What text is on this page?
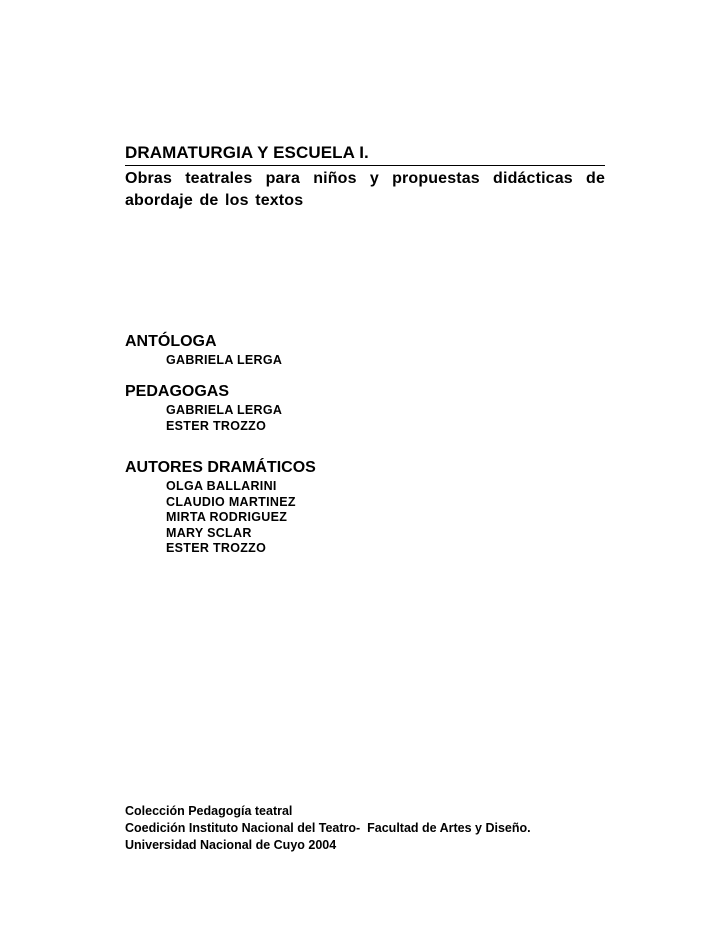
DRAMATURGIA Y ESCUELA I.

Obras teatrales para niños y propuestas didácticas de abordaje de los textos

ANTÓLOGA
GABRIELA LERGA
PEDAGOGAS
GABRIELA LERGA
ESTER TROZZO
AUTORES DRAMÁTICOS
OLGA BALLARINI
CLAUDIO MARTINEZ
MIRTA RODRIGUEZ
MARY SCLAR
ESTER TROZZO

Colección Pedagogía teatral

Coedición Instituto Nacional del Teatro-  Facultad de Artes y Diseño.

Universidad Nacional de Cuyo 2004
